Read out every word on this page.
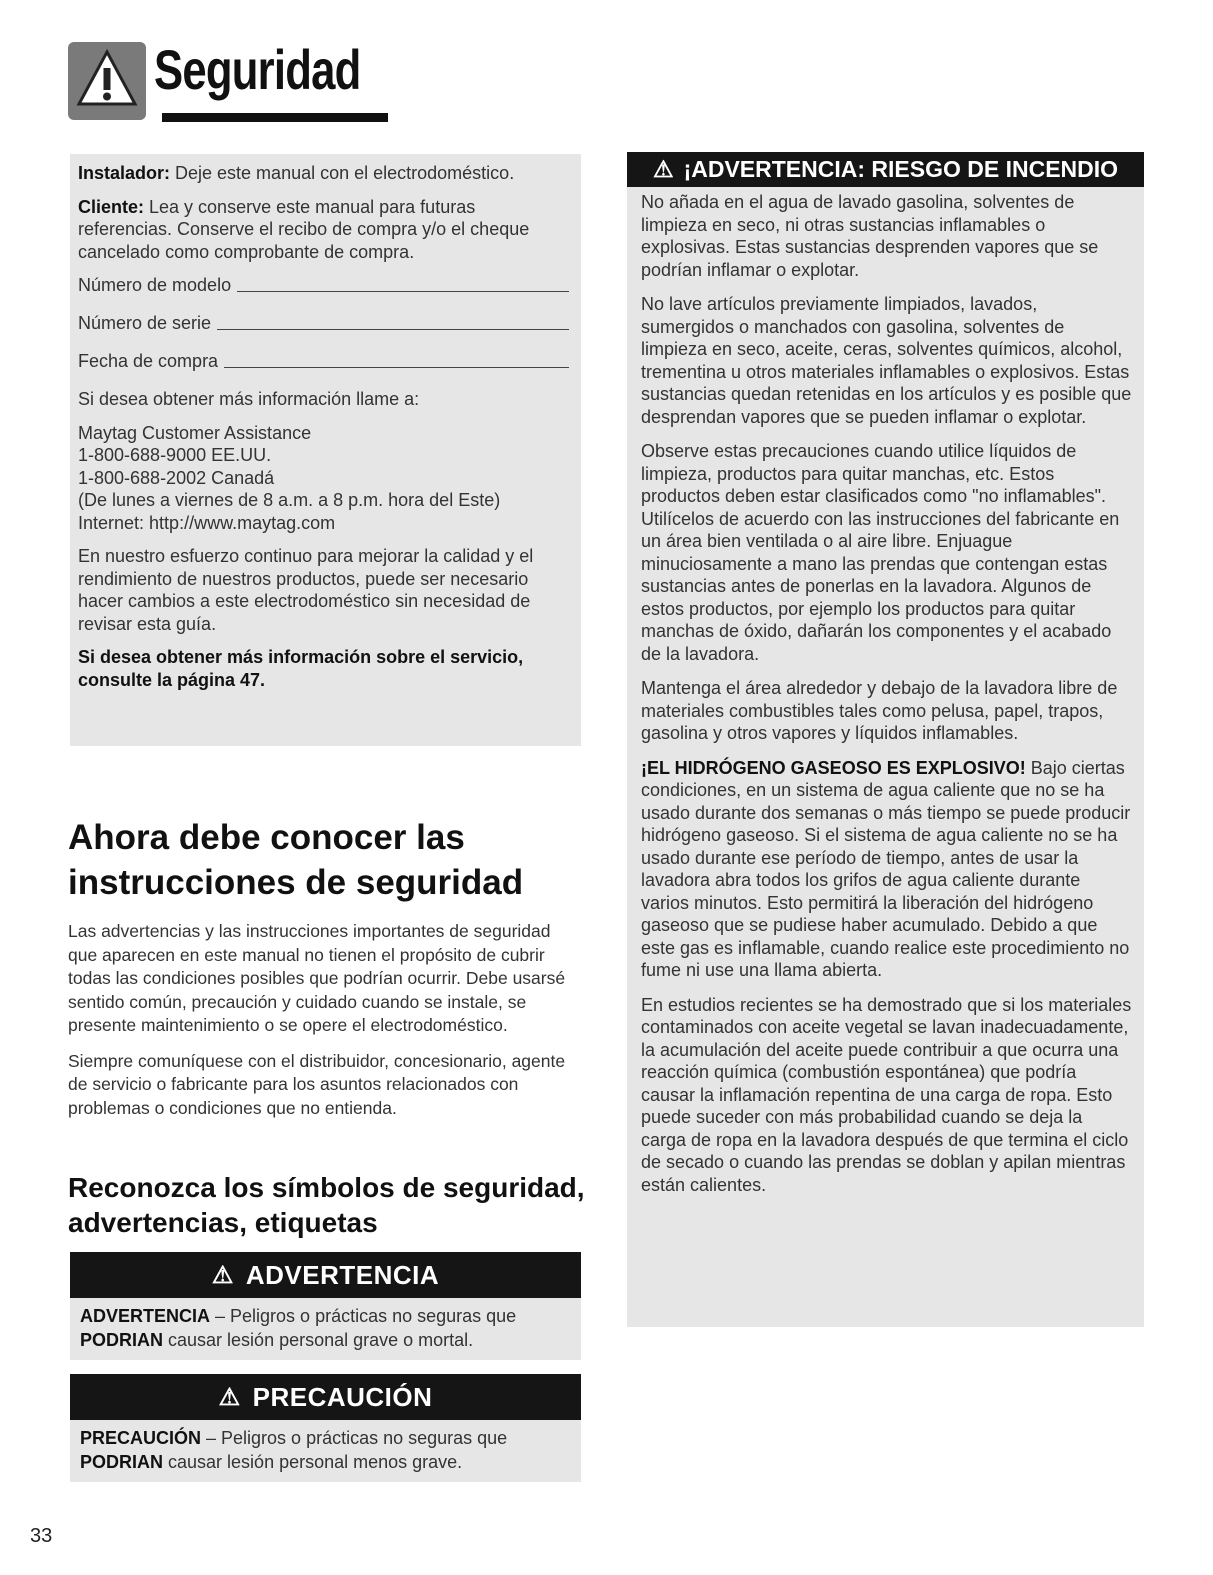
Seguridad

Instalador: Deje este manual con el electrodoméstico.

Cliente: Lea y conserve este manual para futuras referencias. Conserve el recibo de compra y/o el cheque cancelado como comprobante de compra.

Número de modelo
Número de serie
Fecha de compra

Si desea obtener más información llame a:

Maytag Customer Assistance

1-800-688-9000 EE.UU.

1-800-688-2002 Canadá

(De lunes a viernes de 8 a.m. a 8 p.m. hora del Este)

Internet: http://www.maytag.com

En nuestro esfuerzo continuo para mejorar la calidad y el rendimiento de nuestros productos, puede ser necesario hacer cambios a este electrodoméstico sin necesidad de revisar esta guía.

Si desea obtener más información sobre el servicio, consulte la página 47.

Ahora debe conocer las instrucciones de seguridad

Las advertencias y las instrucciones importantes de seguridad que aparecen en este manual no tienen el propósito de cubrir todas las condiciones posibles que podrían ocurrir. Debe usarsé sentido común, precaución y cuidado cuando se instale, se presente maintenimiento o se opere el electrodoméstico.

Siempre comuníquese con el distribuidor, concesionario, agente de servicio o fabricante para los asuntos relacionados con problemas o condiciones que no entienda.

Reconozca los símbolos de seguridad, advertencias, etiquetas
⚠ ADVERTENCIA
ADVERTENCIA – Peligros o prácticas no seguras que PODRIAN causar lesión personal grave o mortal.
⚠ PRECAUCIÓN
PRECAUCIÓN – Peligros o prácticas no seguras que PODRIAN causar lesión personal menos grave.
⚠ ¡ADVERTENCIA: RIESGO DE INCENDIO

No añada en el agua de lavado gasolina, solventes de limpieza en seco, ni otras sustancias inflamables o explosivas. Estas sustancias desprenden vapores que se podrían inflamar o explotar.

No lave artículos previamente limpiados, lavados, sumergidos o manchados con gasolina, solventes de limpieza en seco, aceite, ceras, solventes químicos, alcohol, trementina u otros materiales inflamables o explosivos. Estas sustancias quedan retenidas en los artículos y es posible que desprendan vapores que se pueden inflamar o explotar.

Observe estas precauciones cuando utilice líquidos de limpieza, productos para quitar manchas, etc. Estos productos deben estar clasificados como "no inflamables". Utilícelos de acuerdo con las instrucciones del fabricante en un área bien ventilada o al aire libre. Enjuague minuciosamente a mano las prendas que contengan estas sustancias antes de ponerlas en la lavadora. Algunos de estos productos, por ejemplo los productos para quitar manchas de óxido, dañarán los componentes y el acabado de la lavadora.

Mantenga el área alrededor y debajo de la lavadora libre de materiales combustibles tales como pelusa, papel, trapos, gasolina y otros vapores y líquidos inflamables.

¡EL HIDRÓGENO GASEOSO ES EXPLOSIVO! Bajo ciertas condiciones, en un sistema de agua caliente que no se ha usado durante dos semanas o más tiempo se puede producir hidrógeno gaseoso. Si el sistema de agua caliente no se ha usado durante ese período de tiempo, antes de usar la lavadora abra todos los grifos de agua caliente durante varios minutos. Esto permitirá la liberación del hidrógeno gaseoso que se pudiese haber acumulado. Debido a que este gas es inflamable, cuando realice este procedimiento no fume ni use una llama abierta.

En estudios recientes se ha demostrado que si los materiales contaminados con aceite vegetal se lavan inadecuadamente, la acumulación del aceite puede contribuir a que ocurra una reacción química (combustión espontánea) que podría causar la inflamación repentina de una carga de ropa. Esto puede suceder con más probabilidad cuando se deja la carga de ropa en la lavadora después de que termina el ciclo de secado o cuando las prendas se doblan y apilan mientras están calientes.

33
